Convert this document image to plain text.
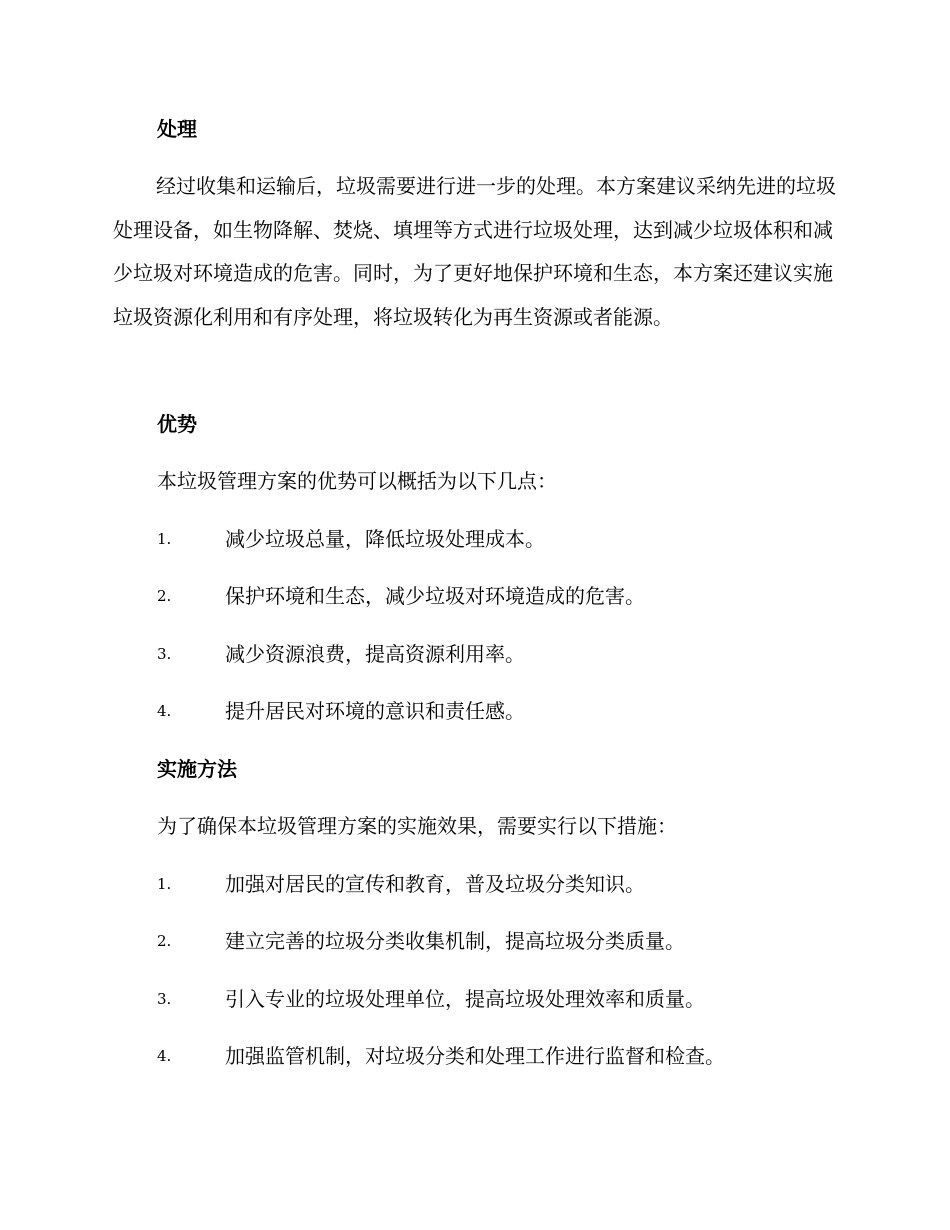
处理
经过收集和运输后，垃圾需要进行进一步的处理。本方案建议采纳先进的垃圾处理设备，如生物降解、焚烧、填埋等方式进行垃圾处理，达到减少垃圾体积和减少垃圾对环境造成的危害。同时，为了更好地保护环境和生态，本方案还建议实施垃圾资源化利用和有序处理，将垃圾转化为再生资源或者能源。
优势
本垃圾管理方案的优势可以概括为以下几点：
1.	减少垃圾总量，降低垃圾处理成本。
2.	保护环境和生态，减少垃圾对环境造成的危害。
3.	减少资源浪费，提高资源利用率。
4.	提升居民对环境的意识和责任感。
实施方法
为了确保本垃圾管理方案的实施效果，需要实行以下措施：
1.	加强对居民的宣传和教育，普及垃圾分类知识。
2.	建立完善的垃圾分类收集机制，提高垃圾分类质量。
3.	引入专业的垃圾处理单位，提高垃圾处理效率和质量。
4.	加强监管机制，对垃圾分类和处理工作进行监督和检查。
